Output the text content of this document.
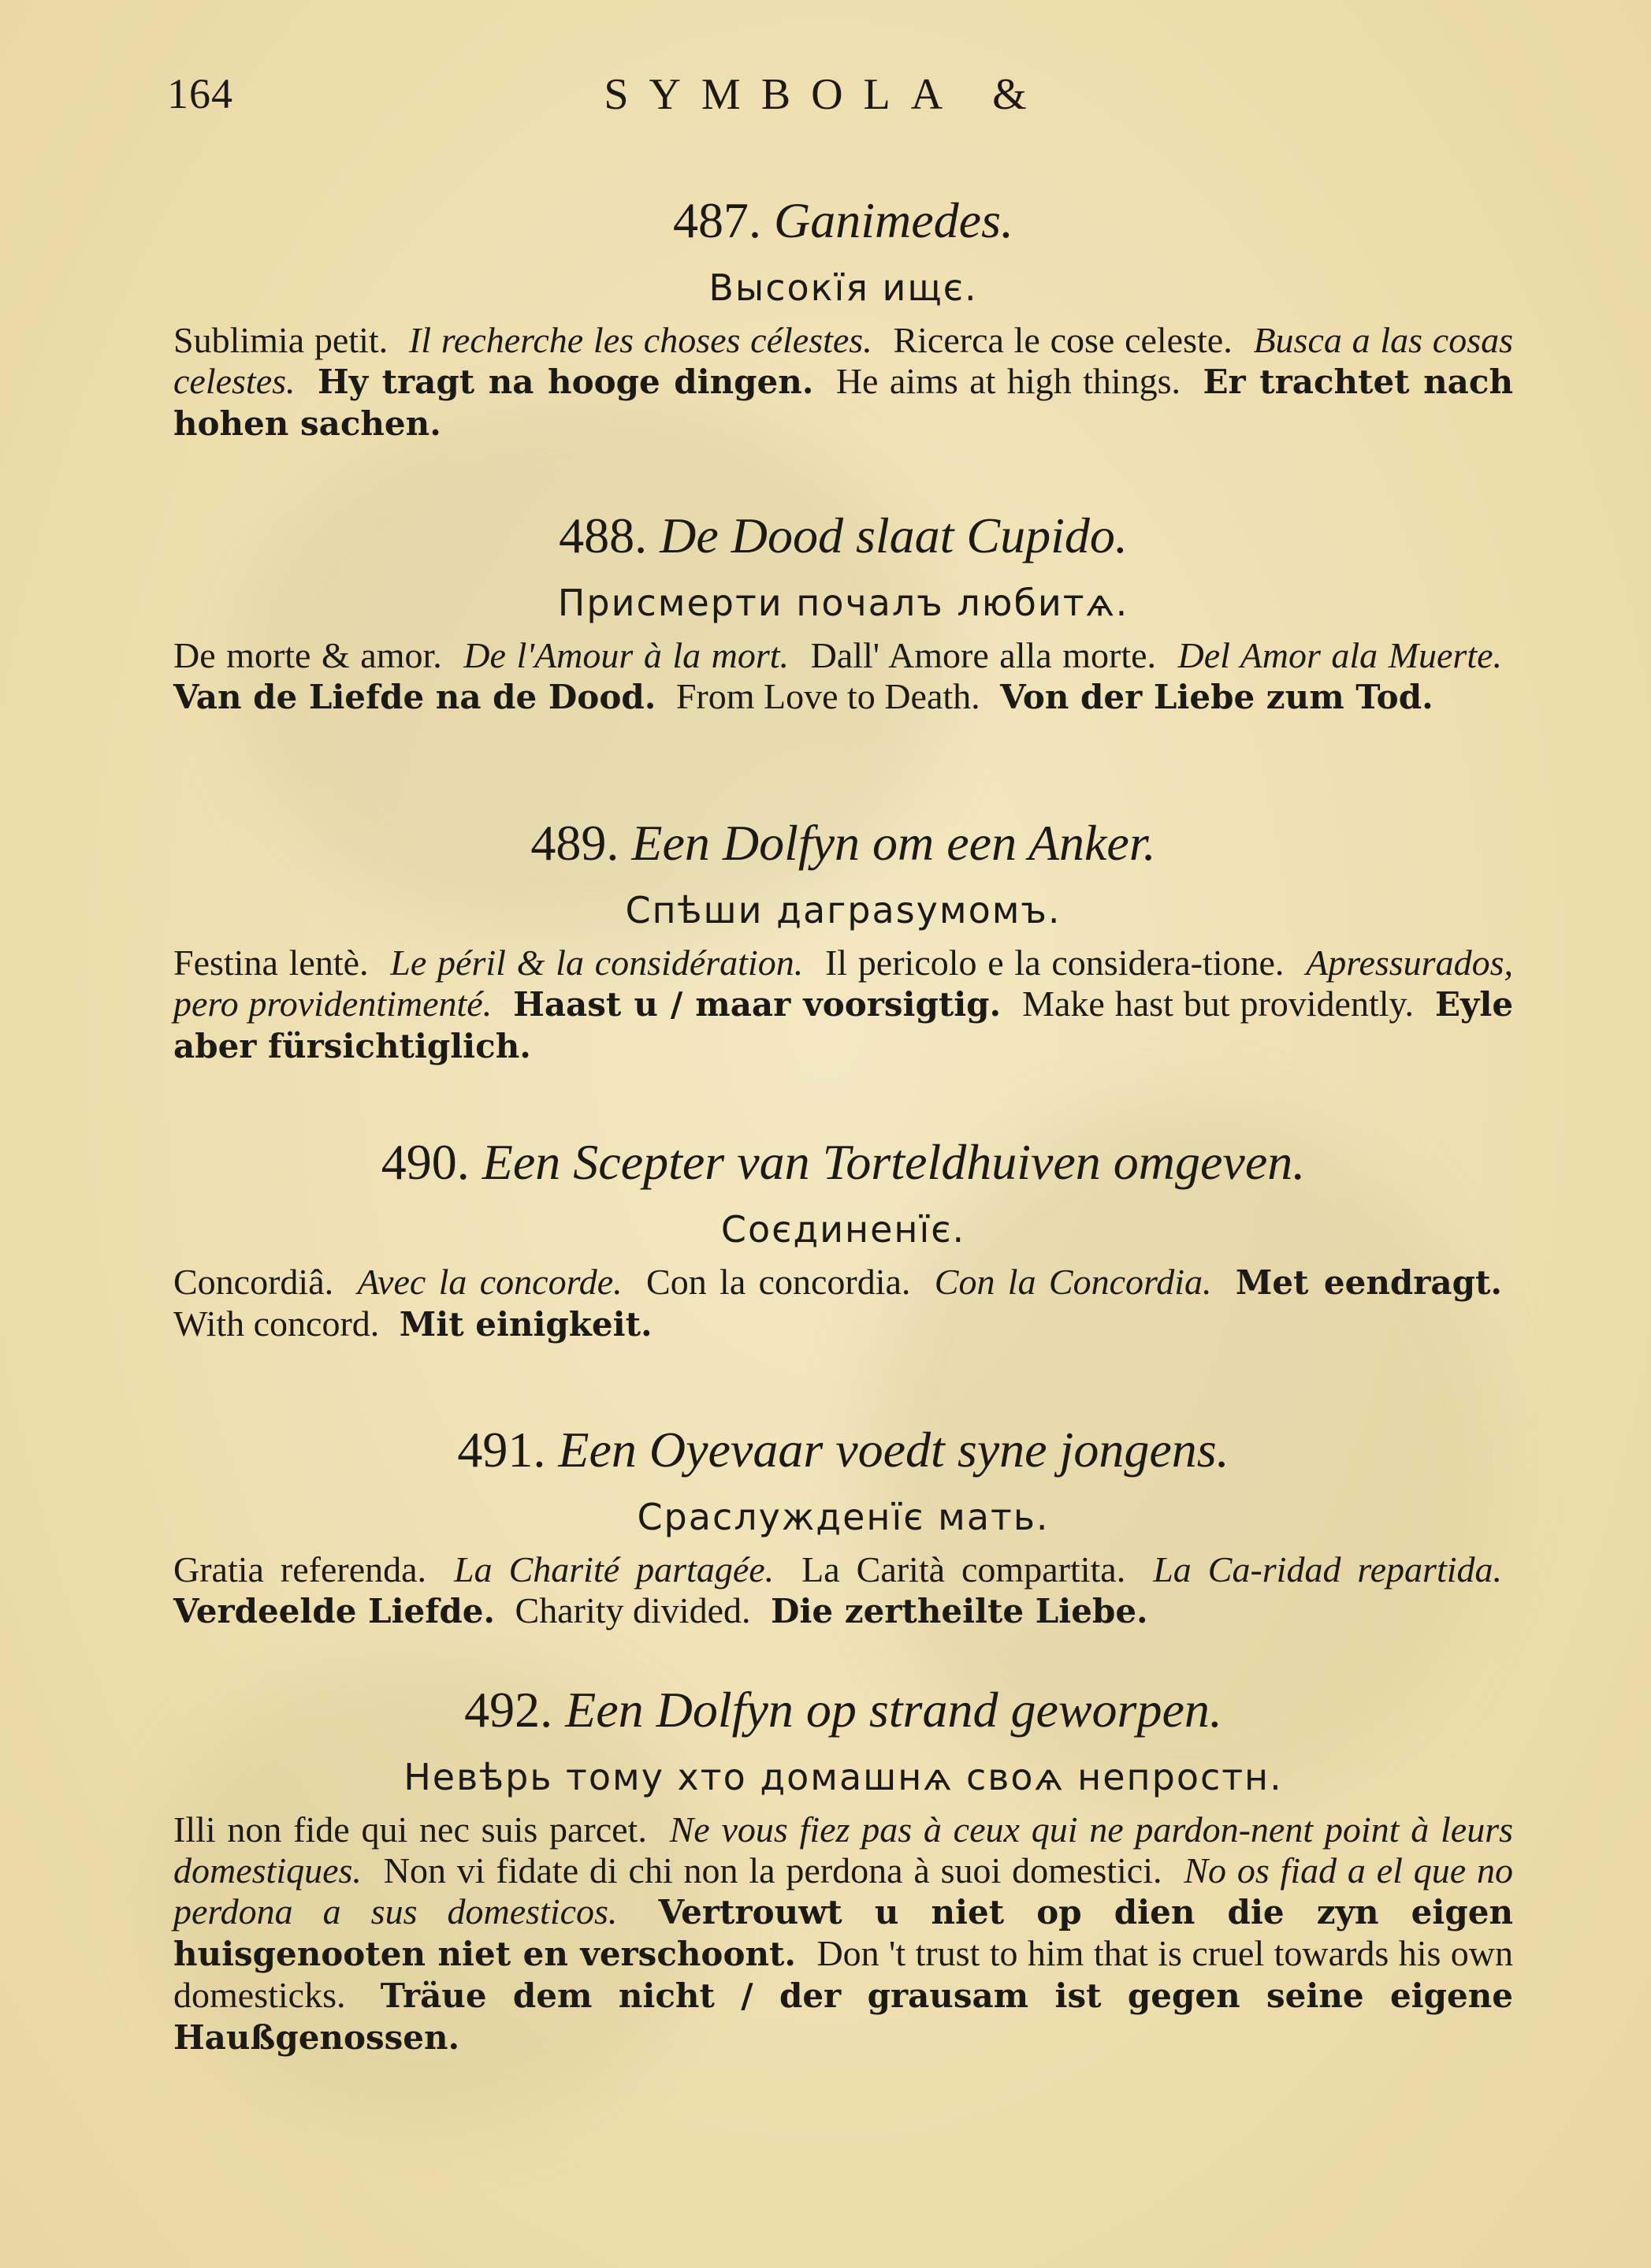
SYMBOLA &
164
487. Ganimedes.
Высокїя ищє.
Sublimia petit. Il recherche les choses célestes. Ricerca le cose celeste. Busca a las cosas celestes. Hy tragt na hooge dingen. He aims at high things. Er trachtet nach hohen sachen.
488. De Dood slaat Cupido.
Присмерти почалъ любитѧ.
De morte & amor. De l'Amour à la mort. Dall' Amore alla morte. Del Amor ala Muerte. Van de Liefde na de Dood. From Love to Death. Von der Liebe zum Tod.
489. Een Dolfyn om een Anker.
Спѣши даграѕумомъ.
Festina lentè. Le péril & la considération. Il pericolo e la considera-tione. Apressurados, pero providentimenté. Haast u / maar voorsigtig. Make hast but providently. Eyle aber fürsichtiglich.
490. Een Scepter van Torteldhuiven omgeven.
Соєдиненїє.
Concordiâ. Avec la concorde. Con la concordia. Con la Concordia. Met eendragt. With concord. Mit einigkeit.
491. Een Oyevaar voedt syne jongens.
Сраслужденїє мать.
Gratia referenda. La Charité partagée. La Carità compartita. La Ca-ridad repartida. Verdeelde Liefde. Charity divided. Die zertheilte Liebe.
492. Een Dolfyn op strand geworpen.
Невѣрь тому хто домашнѧ своѧ непростн.
Illi non fide qui nec suis parcet. Ne vous fiez pas à ceux qui ne pardon-nent point à leurs domestiques. Non vi fidate di chi non la perdona à suoi domestici. No os fiad a el que no perdona a sus domesticos. Vertrouwt u niet op dien die zyn eigen huisgenooten niet en verschoont. Don 't trust to him that is cruel towards his own domesticks. Träue dem nicht / der grausam ist gegen seine eigene Haußgenossen.
